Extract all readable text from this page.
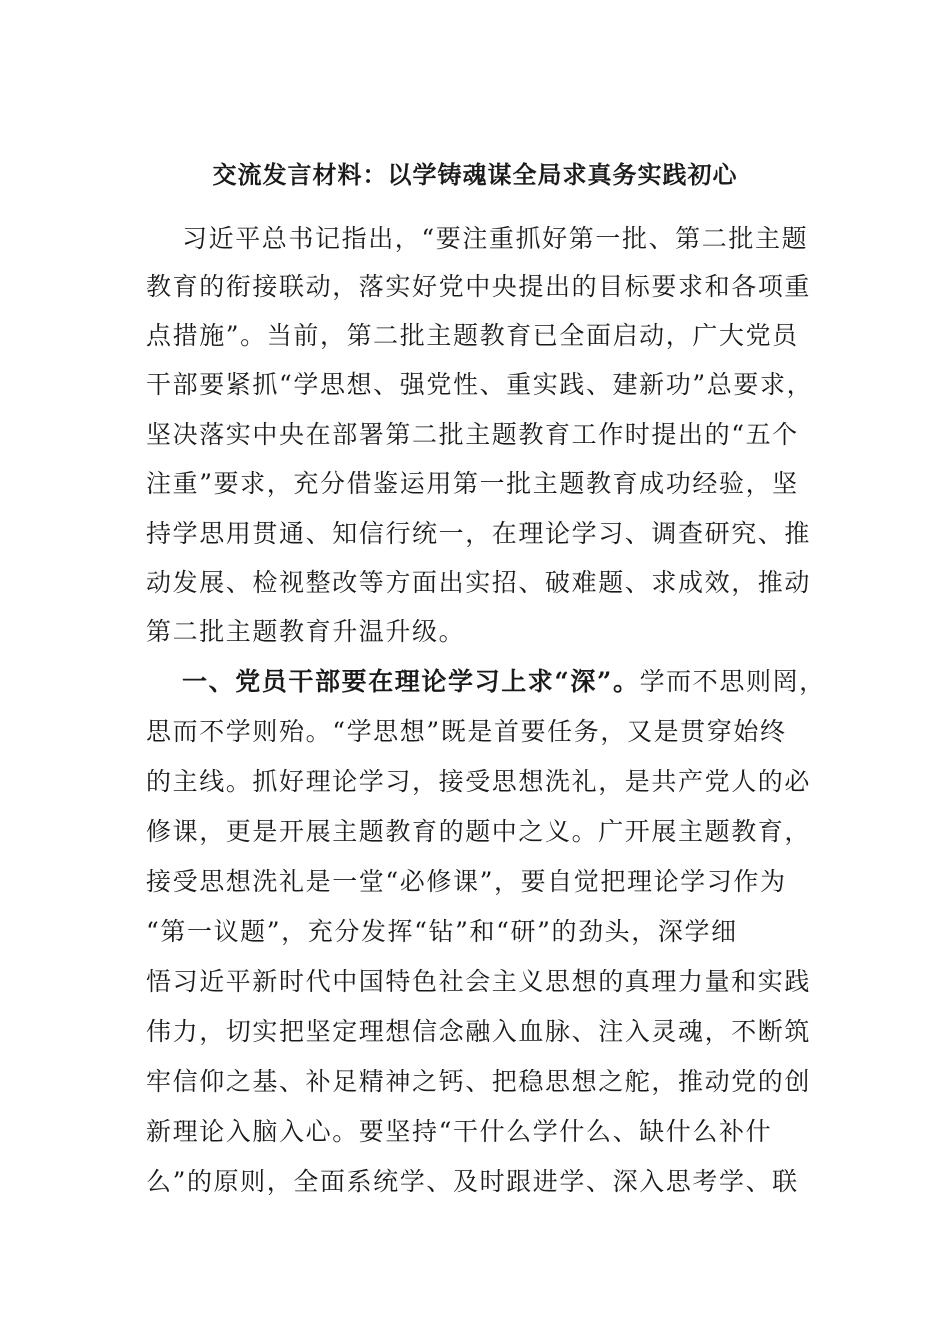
交流发言材料：以学铸魂谋全局求真务实践初心
习近平总书记指出，“要注重抓好第一批、第二批主题
教育的衔接联动，落实好党中央提出的目标要求和各项重
点措施”。当前，第二批主题教育已全面启动，广大党员
干部要紧抓“学思想、强党性、重实践、建新功”总要求，
坚决落实中央在部署第二批主题教育工作时提出的“五个
注重”要求，充分借鉴运用第一批主题教育成功经验，坚
持学思用贯通、知信行统一，在理论学习、调查研究、推
动发展、检视整改等方面出实招、破难题、求成效，推动
第二批主题教育升温升级。
一、党员干部要在理论学习上求“深”。学而不思则罔，
思而不学则殆。“学思想”既是首要任务，又是贯穿始终
的主线。抓好理论学习，接受思想洗礼，是共产党人的必
修课，更是开展主题教育的题中之义。广开展主题教育，
接受思想洗礼是一堂“必修课”，要自觉把理论学习作为
“第一议题”，充分发挥“钻”和“研”的劲头，深学细
悟习近平新时代中国特色社会主义思想的真理力量和实践
伟力，切实把坚定理想信念融入血脉、注入灵魂，不断筑
牢信仰之基、补足精神之钙、把稳思想之舵，推动党的创
新理论入脑入心。要坚持“干什么学什么、缺什么补什
么”的原则，全面系统学、及时跟进学、深入思考学、联
